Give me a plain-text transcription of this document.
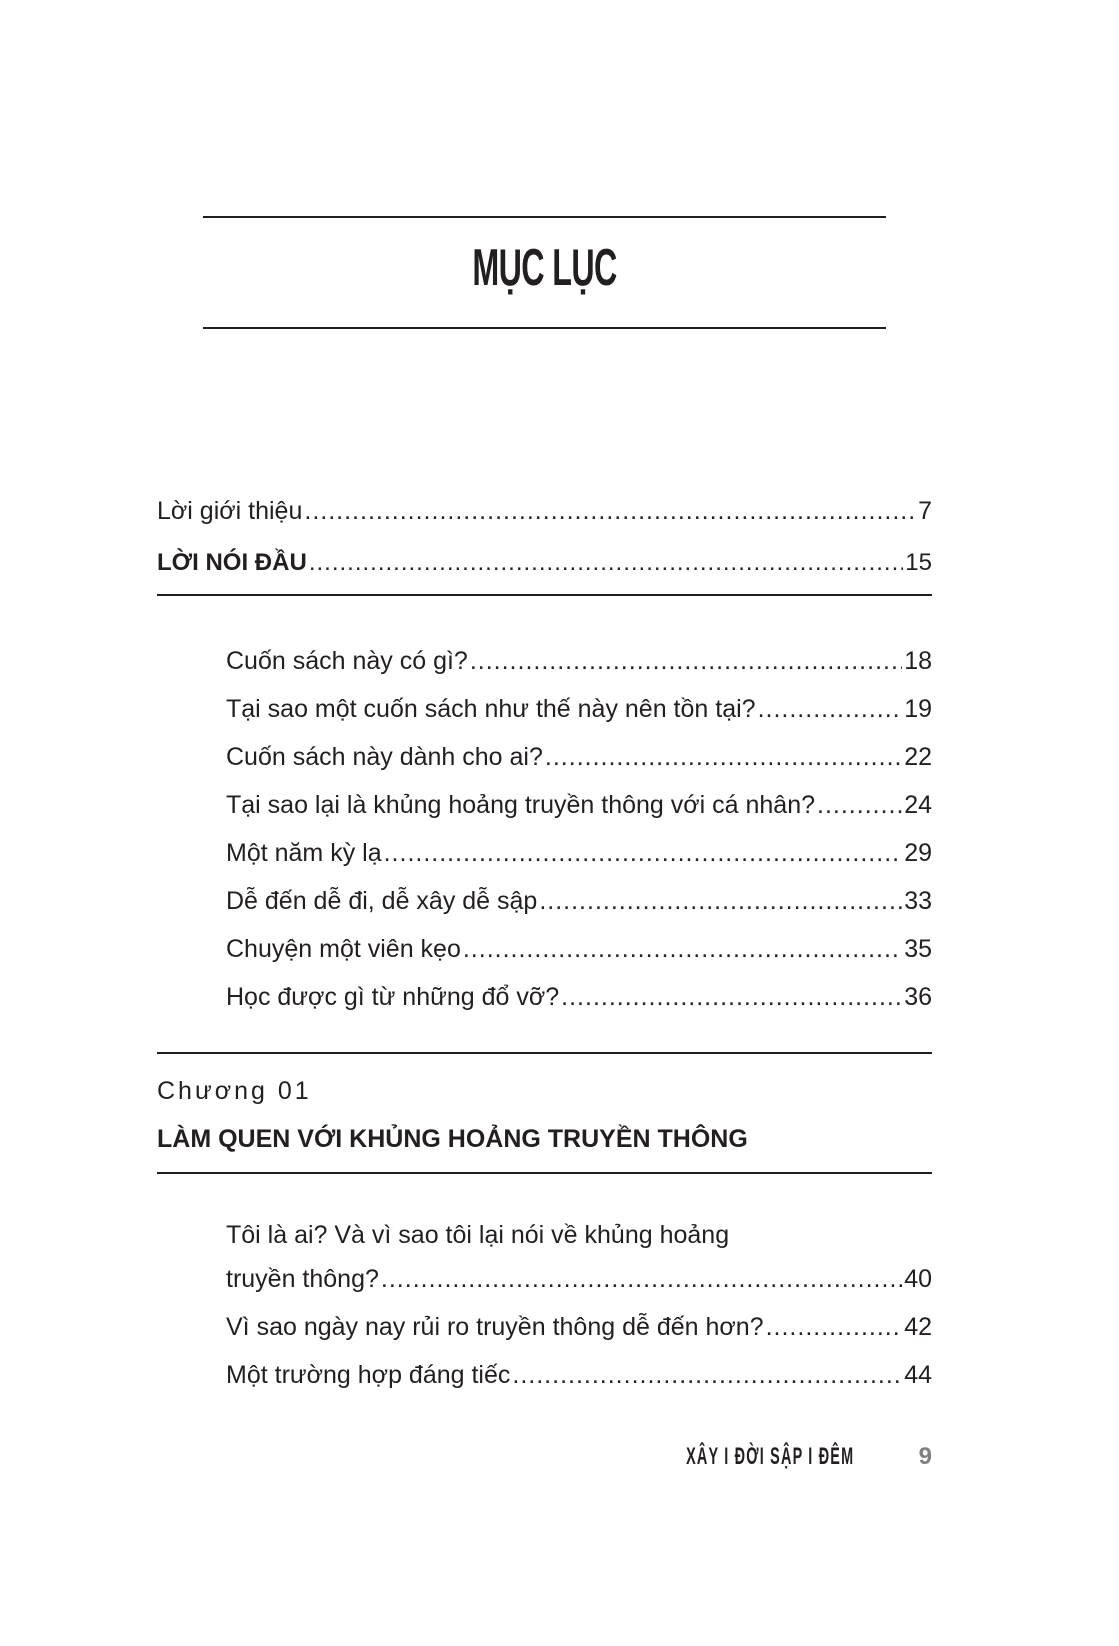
MỤC LỤC
Lời giới thiệu .....	7
LỜI NÓI ĐẦU .....	15
Cuốn sách này có gì? .....	18
Tại sao một cuốn sách như thế này nên tồn tại? .....	19
Cuốn sách này dành cho ai? .....	22
Tại sao lại là khủng hoảng truyền thông với cá nhân? .....	24
Một năm kỳ lạ .....	29
Dễ đến dễ đi, dễ xây dễ sập .....	33
Chuyện một viên kẹo .....	35
Học được gì từ những đổ vỡ? .....	36
Chương 01
LÀM QUEN VỚI KHỦNG HOẢNG TRUYỀN THÔNG
Tôi là ai? Và vì sao tôi lại nói về khủng hoảng
truyền thông? .....	40
Vì sao ngày nay rủi ro truyền thông dễ đến hơn? .....	42
Một trường hợp đáng tiếc .....	44
XÂY I ĐỜI SẬP I ĐÊM	9
